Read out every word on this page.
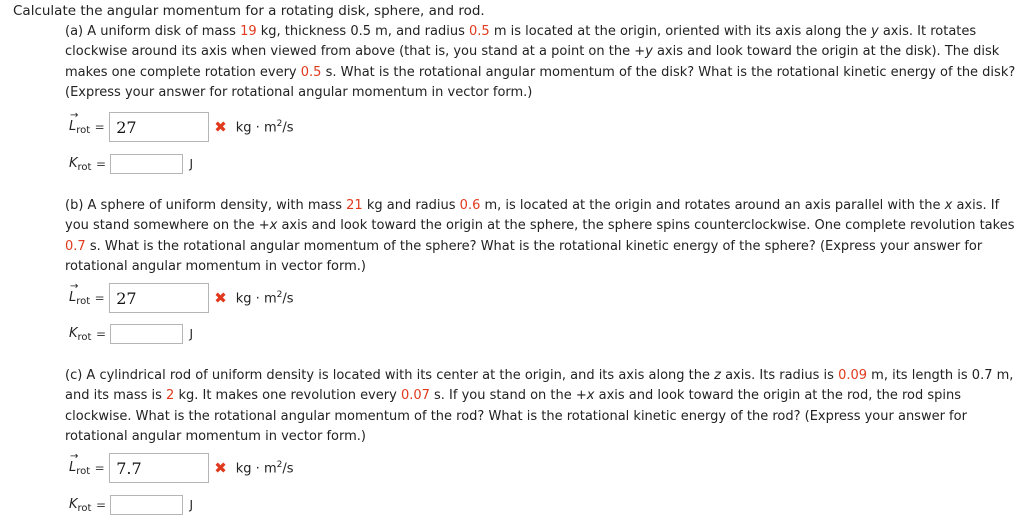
Calculate the angular momentum for a rotating disk, sphere, and rod.

(a) A uniform disk of mass 19 kg, thickness 0.5 m, and radius 0.5 m is located at the origin, oriented with its axis along the y axis. It rotates clockwise around its axis when viewed from above (that is, you stand at a point on the +y axis and look toward the origin at the disk). The disk makes one complete rotation every 0.5 s. What is the rotational angular momentum of the disk? What is the rotational kinetic energy of the disk? (Express your answer for rotational angular momentum in vector form.)

→
$L_{rot} = 27$	✖ kg · $m^2/s$
$K_{rot}$ =	J

(b) A sphere of uniform density, with mass 21 kg and radius 0.6 m, is located at the origin and rotates around an axis parallel with the x axis. If you stand somewhere on the +x axis and look toward the origin at the sphere, the sphere spins counterclockwise. One complete revolution takes 0.7 s. What is the rotational angular momentum of the sphere? What is the rotational kinetic energy of the sphere? (Express your answer for rotational angular momentum in vector form.)

→
$L_{rot} = 27$	✖ kg · $m^2/s$
$K_{rot}$ =	J

(c) A cylindrical rod of uniform density is located with its center at the origin, and its axis along the z axis. Its radius is 0.09 m, its length is 0.7 m, and its mass is 2 kg. It makes one revolution every 0.07 s. If you stand on the +x axis and look toward the origin at the rod, the rod spins clockwise. What is the rotational angular momentum of the rod? What is the rotational kinetic energy of the rod? (Express your answer for rotational angular momentum in vector form.)

→
$L_{rot} = 7.7$	✖ kg · $m^2/s$
$K_{rot}$ =	J
